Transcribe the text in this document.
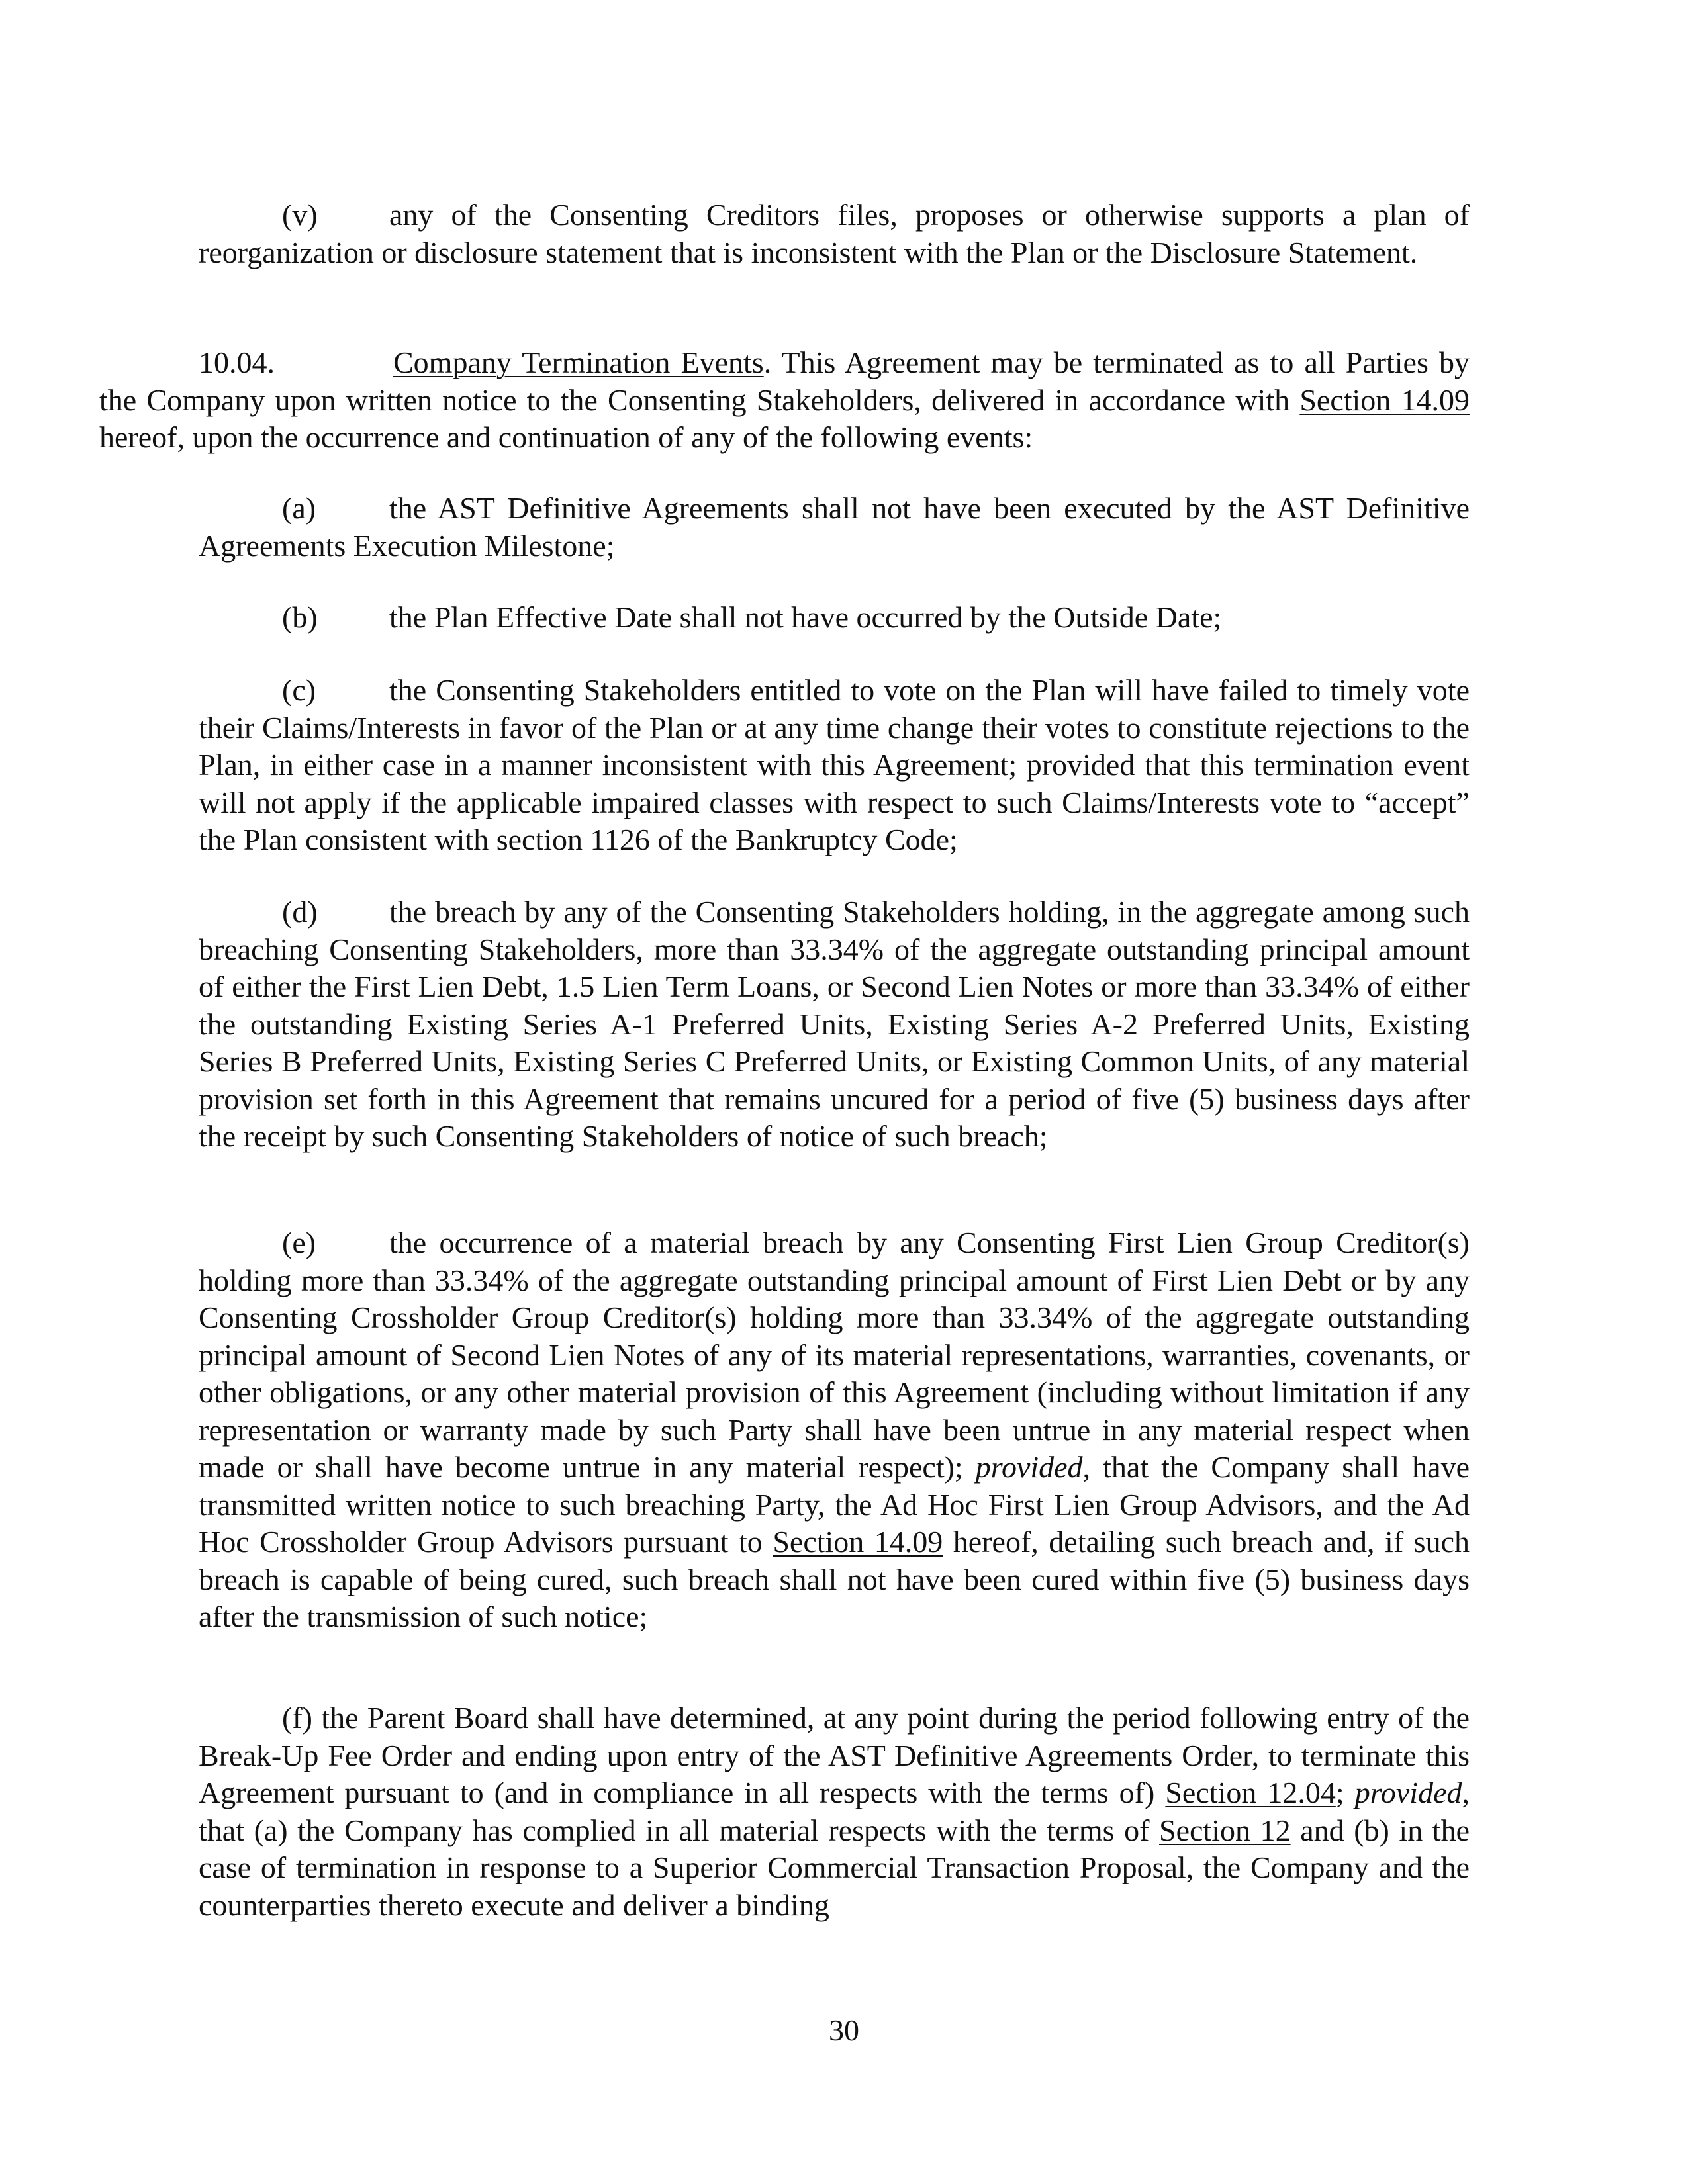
(v) any of the Consenting Creditors files, proposes or otherwise supports a plan of reorganization or disclosure statement that is inconsistent with the Plan or the Disclosure Statement.

10.04.	Company Termination Events. This Agreement may be terminated as to all Parties by the Company upon written notice to the Consenting Stakeholders, delivered in accordance with Section 14.09 hereof, upon the occurrence and continuation of any of the following events:

(a) the AST Definitive Agreements shall not have been executed by the AST Definitive Agreements Execution Milestone;

(b) the Plan Effective Date shall not have occurred by the Outside Date;

(c) the Consenting Stakeholders entitled to vote on the Plan will have failed to timely vote their Claims/Interests in favor of the Plan or at any time change their votes to constitute rejections to the Plan, in either case in a manner inconsistent with this Agreement; provided that this termination event will not apply if the applicable impaired classes with respect to such Claims/Interests vote to “accept” the Plan consistent with section 1126 of the Bankruptcy Code;

(d) the breach by any of the Consenting Stakeholders holding, in the aggregate among such breaching Consenting Stakeholders, more than 33.34% of the aggregate outstanding principal amount of either the First Lien Debt, 1.5 Lien Term Loans, or Second Lien Notes or more than 33.34% of either the outstanding Existing Series A-1 Preferred Units, Existing Series A-2 Preferred Units, Existing Series B Preferred Units, Existing Series C Preferred Units, or Existing Common Units, of any material provision set forth in this Agreement that remains uncured for a period of five (5) business days after the receipt by such Consenting Stakeholders of notice of such breach;

(e) the occurrence of a material breach by any Consenting First Lien Group Creditor(s) holding more than 33.34% of the aggregate outstanding principal amount of First Lien Debt or by any Consenting Crossholder Group Creditor(s) holding more than 33.34% of the aggregate outstanding principal amount of Second Lien Notes of any of its material representations, warranties, covenants, or other obligations, or any other material provision of this Agreement (including without limitation if any representation or warranty made by such Party shall have been untrue in any material respect when made or shall have become untrue in any material respect); provided, that the Company shall have transmitted written notice to such breaching Party, the Ad Hoc First Lien Group Advisors, and the Ad Hoc Crossholder Group Advisors pursuant to Section 14.09 hereof, detailing such breach and, if such breach is capable of being cured, such breach shall not have been cured within five (5) business days after the transmission of such notice;

(f) the Parent Board shall have determined, at any point during the period following entry of the Break-Up Fee Order and ending upon entry of the AST Definitive Agreements Order, to terminate this Agreement pursuant to (and in compliance in all respects with the terms of) Section 12.04; provided, that (a) the Company has complied in all material respects with the terms of Section 12 and (b) in the case of termination in response to a Superior Commercial Transaction Proposal, the Company and the counterparties thereto execute and deliver a binding

30
